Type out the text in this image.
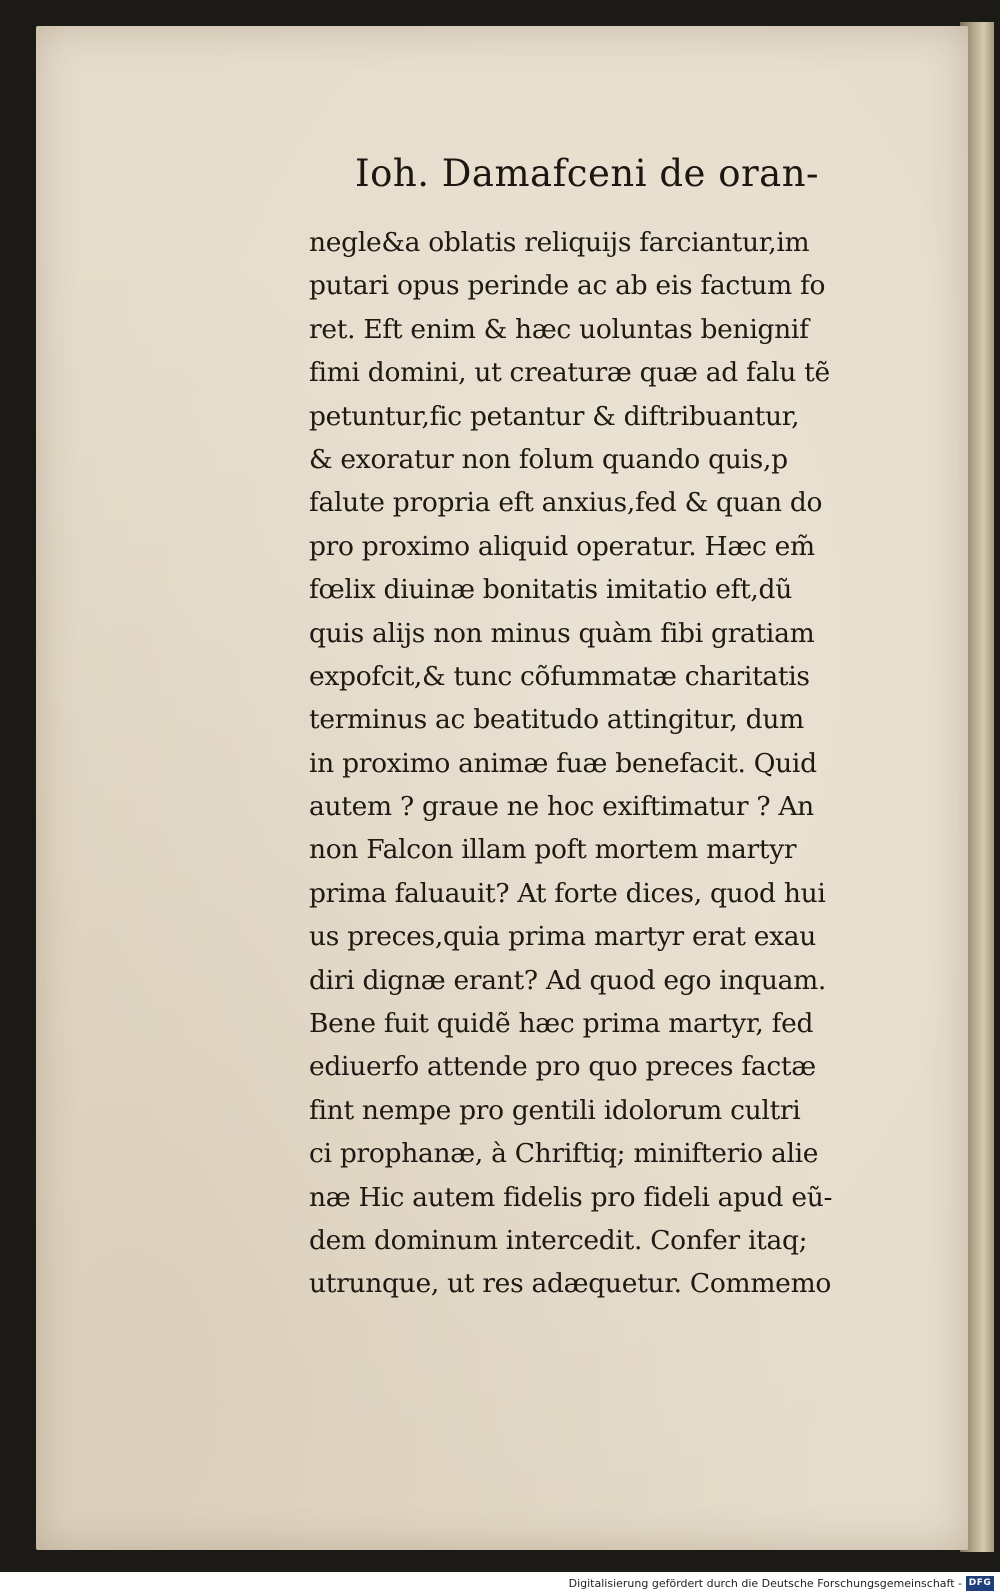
Ioh. Damafceni de oran-
negle&a oblatis reliquijs farciantur,im
putari opus perinde ac ab eis factum fo
ret. Eft enim & hæc uoluntas benignif
fimi domini, ut creaturæ quæ ad falu tẽ
petuntur,fic petantur & diftribuantur,
& exoratur non folum quando quis,p
falute propria eft anxius,fed & quan do
pro proximo aliquid operatur. Hæc em̃
fœlix diuinæ bonitatis imitatio eft,dũ
quis alijs non minus quàm fibi gratiam
expofcit,& tunc cõfummatæ charitatis
terminus ac beatitudo attingitur, dum
in proximo animæ fuæ benefacit. Quid
autem ? graue ne hoc exiftimatur ? An
non Falcon illam poft mortem martyr
prima faluauit? At forte dices, quod hui
us preces,quia prima martyr erat exau
diri dignæ erant? Ad quod ego inquam.
Bene fuit quidẽ hæc prima martyr, fed
ediuerfo attende pro quo preces factæ
fint nempe pro gentili idolorum cultri
ci prophanæ, à Chriftiq; minifterio alie
næ Hic autem fidelis pro fideli apud eũ-
dem dominum intercedit. Confer itaq;
utrunque, ut res adæquetur. Commemo
Digitalisierung gefördert durch die Deutsche Forschungsgemeinschaft - DFG
